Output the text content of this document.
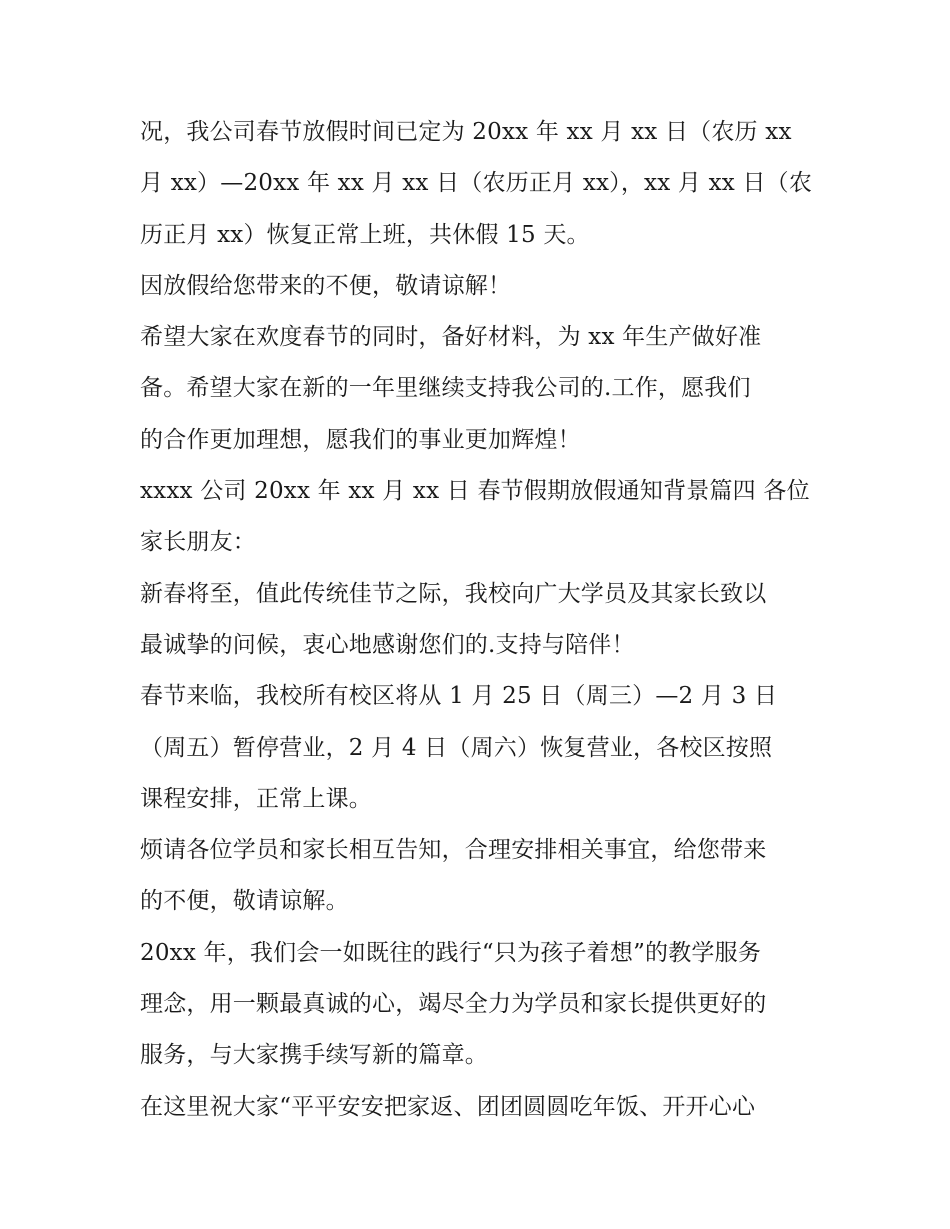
况，我公司春节放假时间已定为 20xx 年 xx 月 xx 日（农历 xx
月 xx）—20xx 年 xx 月 xx 日（农历正月 xx），xx 月 xx 日（农
历正月 xx）恢复正常上班，共休假 15 天。
因放假给您带来的不便，敬请谅解！
希望大家在欢度春节的同时，备好材料，为 xx 年生产做好准
备。希望大家在新的一年里继续支持我公司的.工作，愿我们
的合作更加理想，愿我们的事业更加辉煌！
xxxx 公司 20xx 年 xx 月 xx 日 春节假期放假通知背景篇四 各位
家长朋友：
新春将至，值此传统佳节之际，我校向广大学员及其家长致以
最诚挚的问候，衷心地感谢您们的.支持与陪伴！
春节来临，我校所有校区将从 1 月 25 日（周三）—2 月 3 日
（周五）暂停营业，2 月 4 日（周六）恢复营业，各校区按照
课程安排，正常上课。
烦请各位学员和家长相互告知，合理安排相关事宜，给您带来
的不便，敬请谅解。
20xx 年，我们会一如既往的践行“只为孩子着想”的教学服务
理念，用一颗最真诚的心，竭尽全力为学员和家长提供更好的
服务，与大家携手续写新的篇章。
在这里祝大家“平平安安把家返、团团圆圆吃年饭、开开心心
